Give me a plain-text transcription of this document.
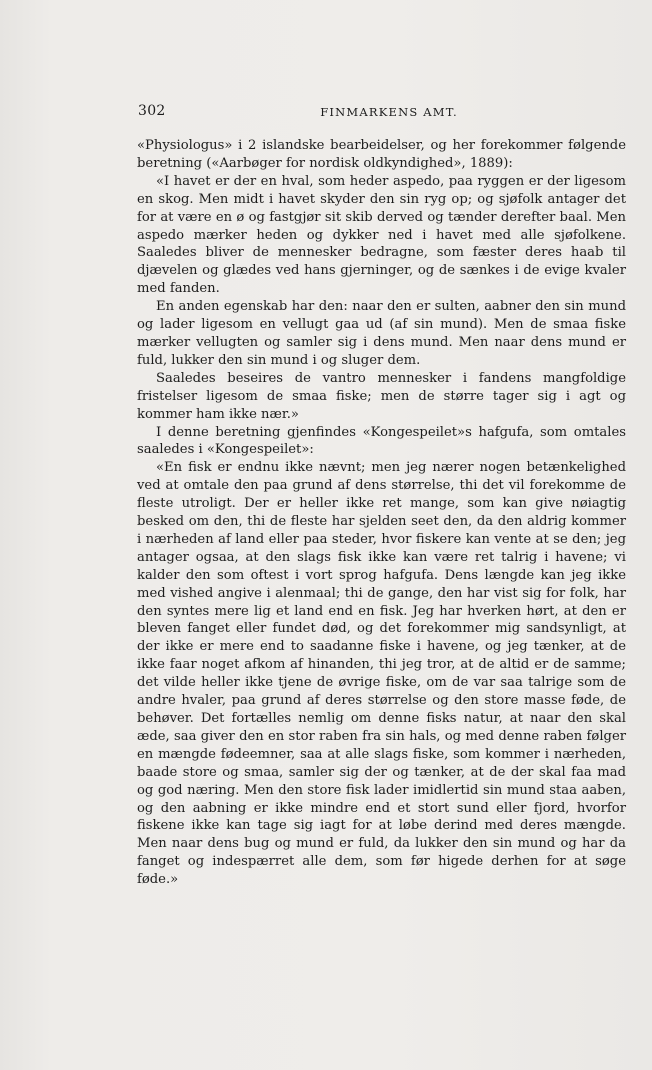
302	FINMARKENS AMT.

«Physiologus» i 2 islandske bearbeidelser, og her forekommer følgende beretning («Aarbøger for nordisk oldkyndighed», 1889):

«I havet er der en hval, som heder aspedo, paa ryggen er der ligesom en skog. Men midt i havet skyder den sin ryg op; og sjøfolk antager det for at være en ø og fastgjør sit skib derved og tænder derefter baal. Men aspedo mærker heden og dykker ned i havet med alle sjøfolkene. Saaledes bliver de mennesker bedragne, som fæster deres haab til djævelen og glædes ved hans gjerninger, og de sænkes i de evige kvaler med fanden.

En anden egenskab har den: naar den er sulten, aabner den sin mund og lader ligesom en vellugt gaa ud (af sin mund). Men de smaa fiske mærker vellugten og samler sig i dens mund. Men naar dens mund er fuld, lukker den sin mund i og sluger dem.

Saaledes beseires de vantro mennesker i fandens mangfoldige fristelser ligesom de smaa fiske; men de større tager sig i agt og kommer ham ikke nær.»

I denne beretning gjenfindes «Kongespeilet»s hafgufa, som omtales saaledes i «Kongespeilet»:

«En fisk er endnu ikke nævnt; men jeg nærer nogen betænkelighed ved at omtale den paa grund af dens størrelse, thi det vil forekomme de fleste utroligt. Der er heller ikke ret mange, som kan give nøiagtig besked om den, thi de fleste har sjelden seet den, da den aldrig kommer i nærheden af land eller paa steder, hvor fiskere kan vente at se den; jeg antager ogsaa, at den slags fisk ikke kan være ret talrig i havene; vi kalder den som oftest i vort sprog hafgufa. Dens længde kan jeg ikke med vished angive i alenmaal; thi de gange, den har vist sig for folk, har den syntes mere lig et land end en fisk. Jeg har hverken hørt, at den er bleven fanget eller fundet død, og det forekommer mig sandsynligt, at der ikke er mere end to saadanne fiske i havene, og jeg tænker, at de ikke faar noget afkom af hinanden, thi jeg tror, at de altid er de samme; det vilde heller ikke tjene de øvrige fiske, om de var saa talrige som de andre hvaler, paa grund af deres størrelse og den store masse føde, de behøver. Det fortælles nemlig om denne fisks natur, at naar den skal æde, saa giver den en stor raben fra sin hals, og med denne raben følger en mængde fødeemner, saa at alle slags fiske, som kommer i nærheden, baade store og smaa, samler sig der og tænker, at de der skal faa mad og god næring. Men den store fisk lader imidlertid sin mund staa aaben, og den aabning er ikke mindre end et stort sund eller fjord, hvorfor fiskene ikke kan tage sig iagt for at løbe derind med deres mængde. Men naar dens bug og mund er fuld, da lukker den sin mund og har da fanget og indespærret alle dem, som før higede derhen for at søge føde.»
